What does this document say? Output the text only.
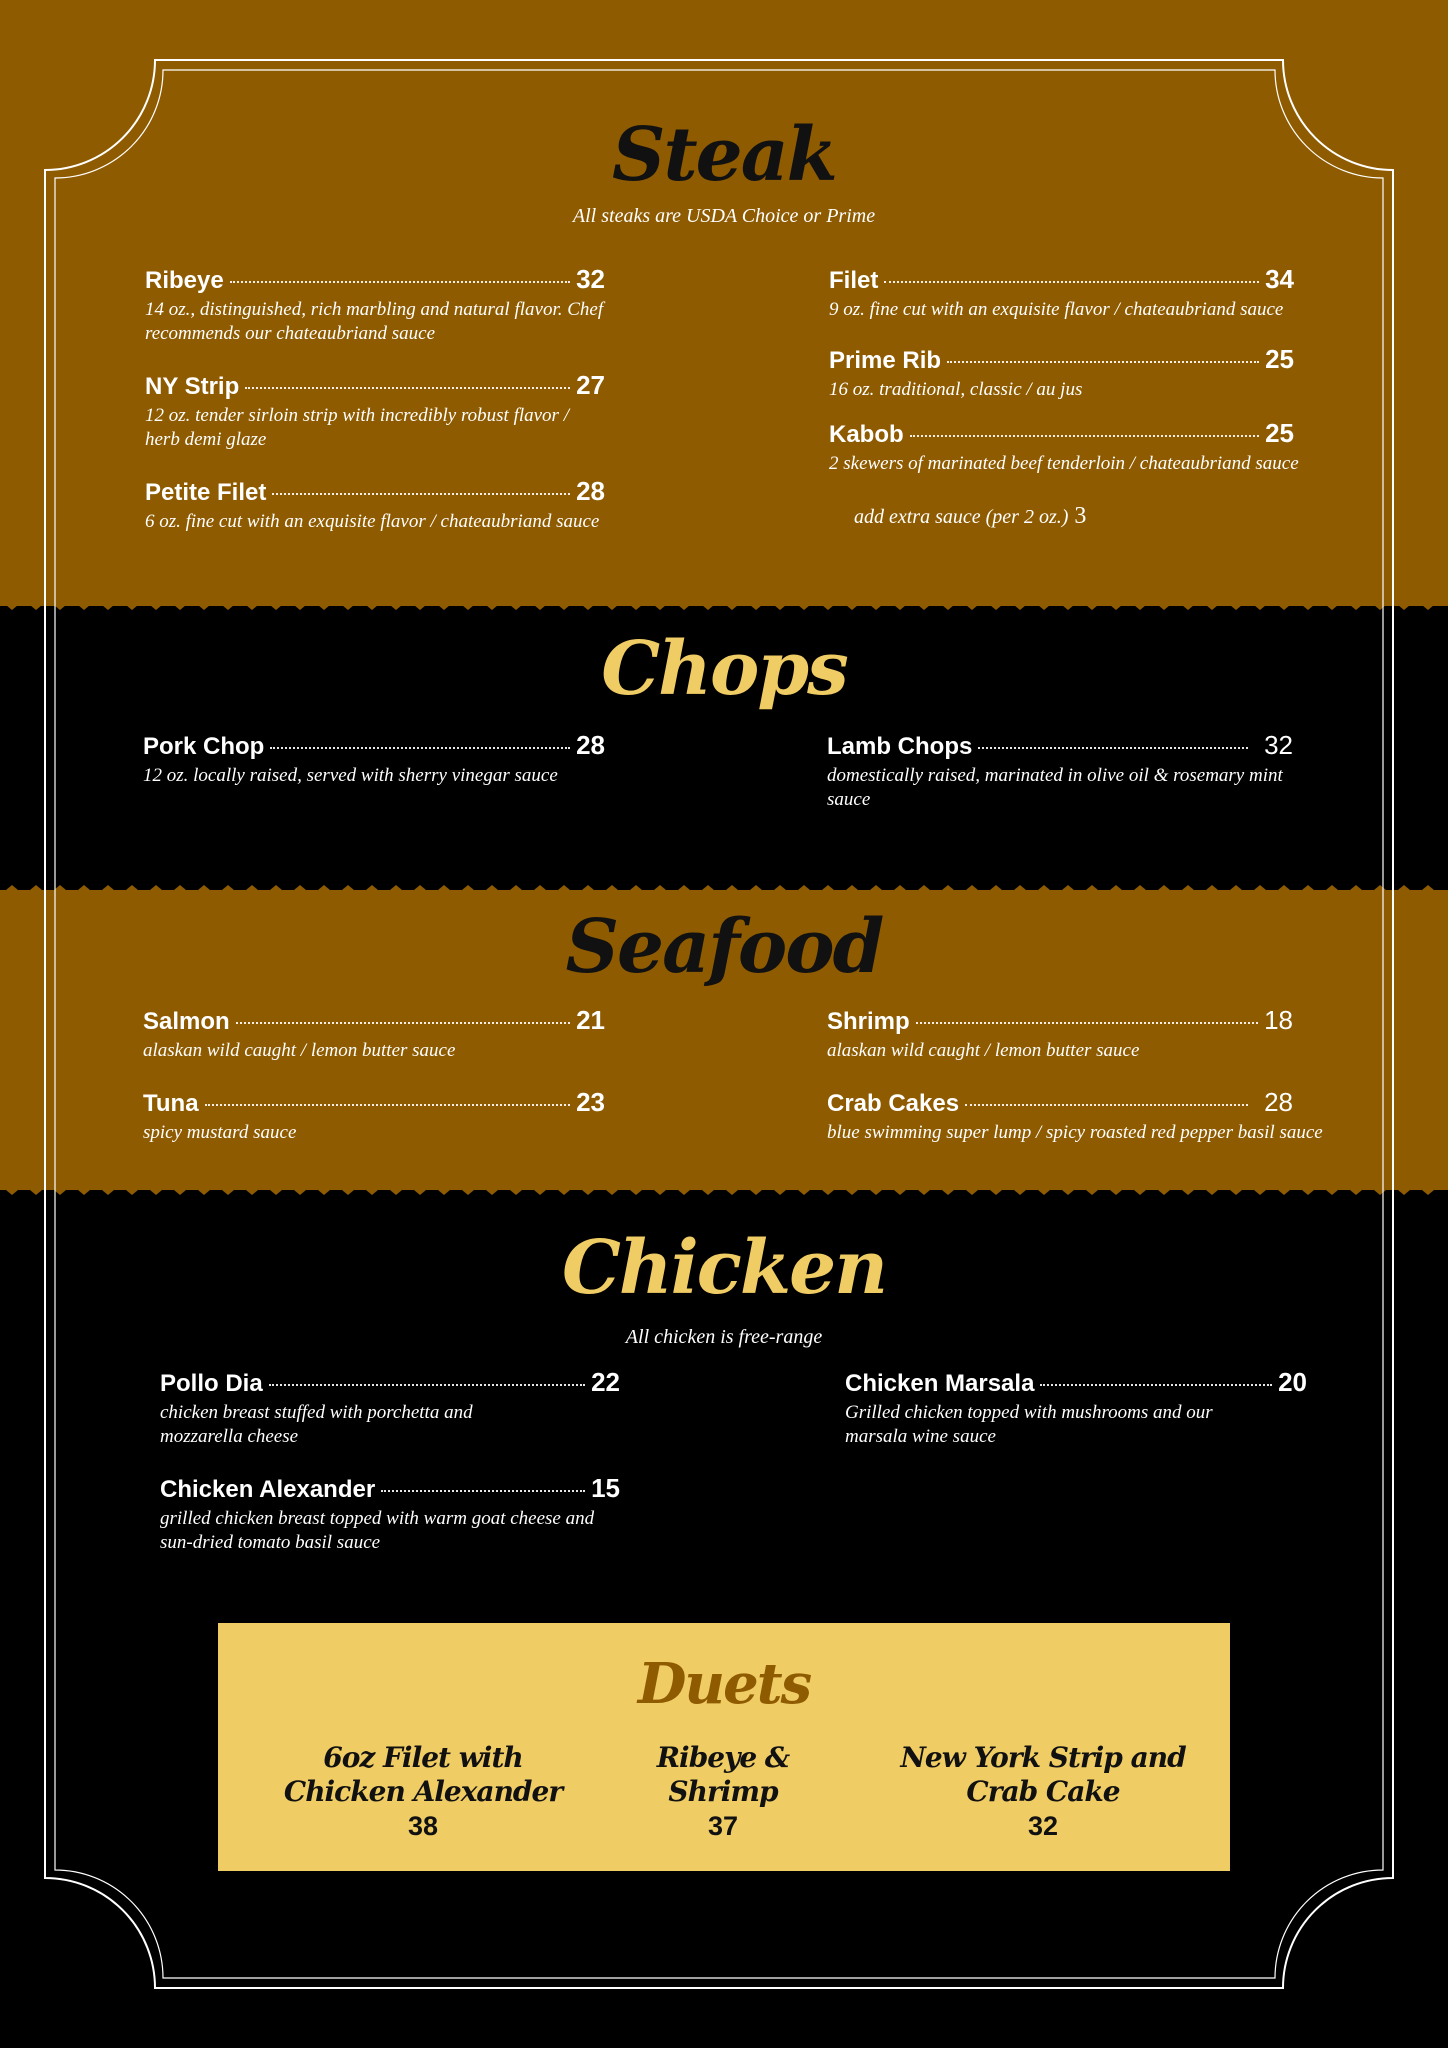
Steak
All steaks are USDA Choice or Prime
Ribeye	32
14 oz., distinguished, rich marbling and natural flavor. Chef recommends our chateaubriand sauce
NY Strip	27
12 oz. tender sirloin strip with incredibly robust flavor / herb demi glaze
Petite Filet	28
6 oz. fine cut with an exquisite flavor / chateaubriand sauce
Filet	34
9 oz. fine cut with an exquisite flavor / chateaubriand sauce
Prime Rib	25
16 oz. traditional, classic / au jus
Kabob	25
2 skewers of marinated beef tenderloin / chateaubriand sauce
add extra sauce (per 2 oz.) 3
Chops
Pork Chop	28
12 oz. locally raised, served with sherry vinegar sauce
Lamb Chops	32
domestically raised, marinated in olive oil & rosemary mint sauce
Seafood
Salmon	21
alaskan wild caught / lemon butter sauce
Tuna	23
spicy mustard sauce
Shrimp	18
alaskan wild caught / lemon butter sauce
Crab Cakes	28
blue swimming super lump / spicy roasted red pepper basil sauce
Chicken
All chicken is free-range
Pollo Dia	22
chicken breast stuffed with porchetta and mozzarella cheese
Chicken Alexander	15
grilled chicken breast topped with warm goat cheese and sun-dried tomato basil sauce
Chicken Marsala	20
Grilled chicken topped with mushrooms and our marsala wine sauce
Duets
6oz Filet with Chicken Alexander
38
Ribeye & Shrimp
37
New York Strip and Crab Cake
32
